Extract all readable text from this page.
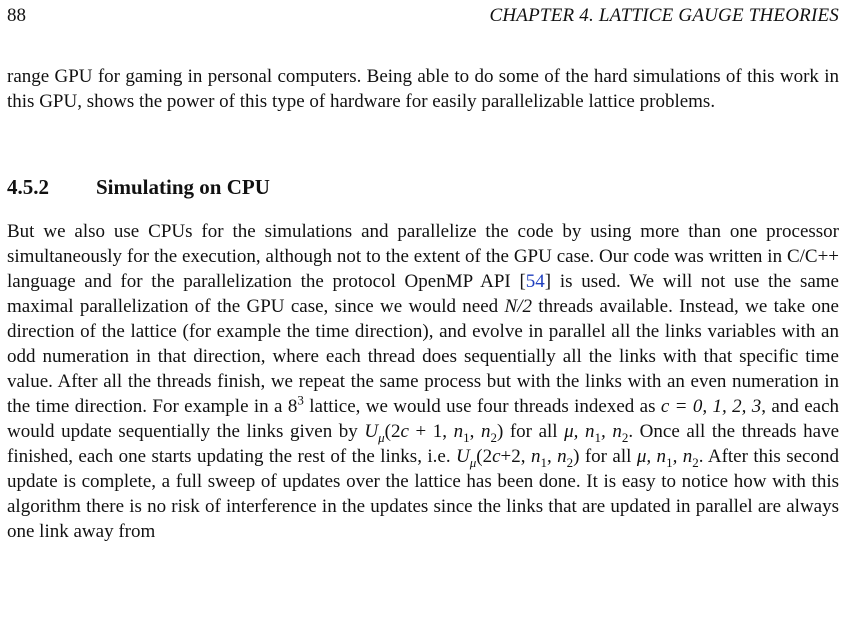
88	CHAPTER 4. LATTICE GAUGE THEORIES

range GPU for gaming in personal computers. Being able to do some of the hard simulations of this work in this GPU, shows the power of this type of hardware for easily parallelizable lattice problems.

4.5.2 Simulating on CPU

But we also use CPUs for the simulations and parallelize the code by using more than one processor simultaneously for the execution, although not to the extent of the GPU case. Our code was written in C/C++ language and for the parallelization the protocol OpenMP API [54] is used. We will not use the same maximal parallelization of the GPU case, since we would need N/2 threads available. Instead, we take one direction of the lattice (for example the time direction), and evolve in parallel all the links variables with an odd numeration in that direction, where each thread does sequentially all the links with that specific time value. After all the threads finish, we repeat the same process but with the links with an even numeration in the time direction. For example in a $8^3$ lattice, we would use four threads indexed as c = 0, 1, 2, 3, and each would update sequentially the links given by $U_\mu(2c + 1$, $n_1$, $n_2$) for all μ, $n_1$, $n_2$. Once all the threads have finished, each one starts updating the rest of the links, i.e. $U_\mu(2c+2$, $n_1$, $n_2$) for all μ, $n_1$, $n_2$. After this second update is complete, a full sweep of updates over the lattice has been done. It is easy to notice how with this algorithm there is no risk of interference in the updates since the links that are updated in parallel are always one link away from
